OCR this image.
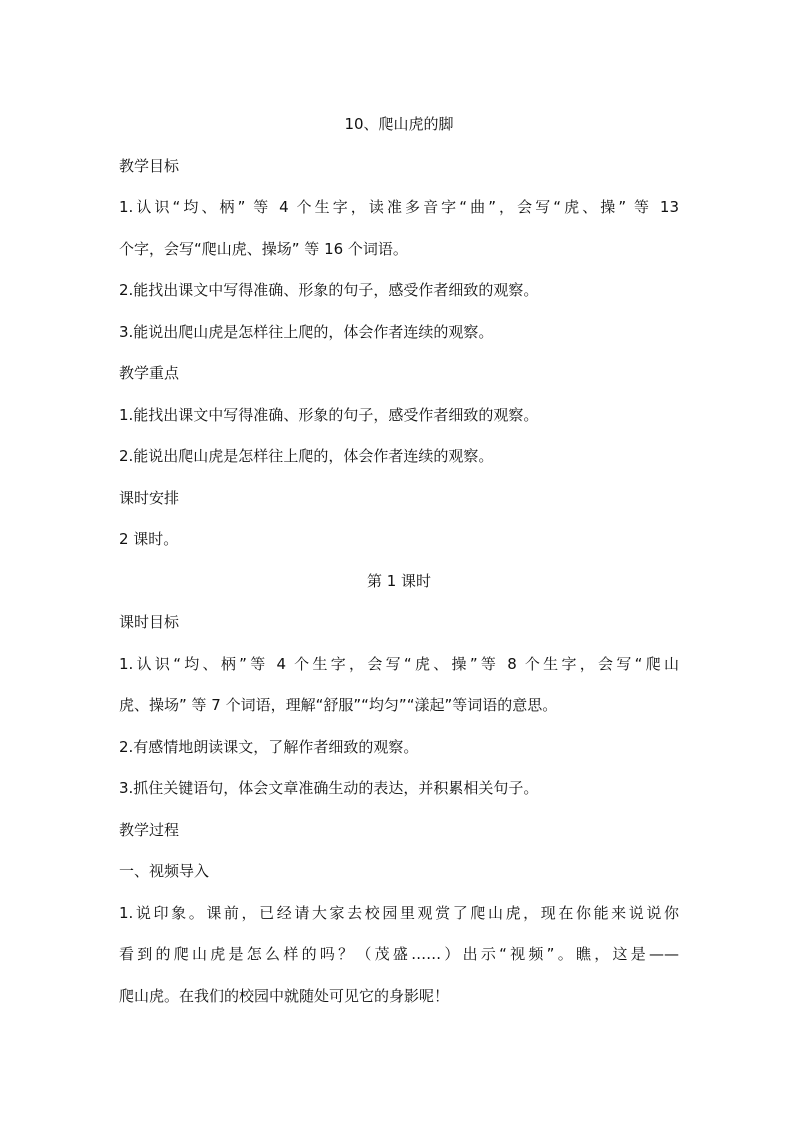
10、爬山虎的脚
教学目标
1.认识“均、柄” 等 4 个生字，读准多音字“曲”，会写“虎、操” 等 13
个字，会写“爬山虎、操场” 等 16 个词语。
2.能找出课文中写得准确、形象的句子，感受作者细致的观察。
3.能说出爬山虎是怎样往上爬的，体会作者连续的观察。
教学重点
1.能找出课文中写得准确、形象的句子，感受作者细致的观察。
2.能说出爬山虎是怎样往上爬的，体会作者连续的观察。
课时安排
2 课时。
第 1 课时
课时目标
1.认识“均、柄”等 4 个生字，会写“虎、操”等 8 个生字，会写“爬山
虎、操场” 等 7 个词语，理解“舒服”“均匀”“漾起”等词语的意思。
2.有感情地朗读课文，了解作者细致的观察。
3.抓住关键语句，体会文章准确生动的表达，并积累相关句子。
教学过程
一、视频导入
1.说印象。课前，已经请大家去校园里观赏了爬山虎，现在你能来说说你
看到的爬山虎是怎么样的吗？（茂盛……）出示“视频”。瞧，这是——
爬山虎。在我们的校园中就随处可见它的身影呢！
